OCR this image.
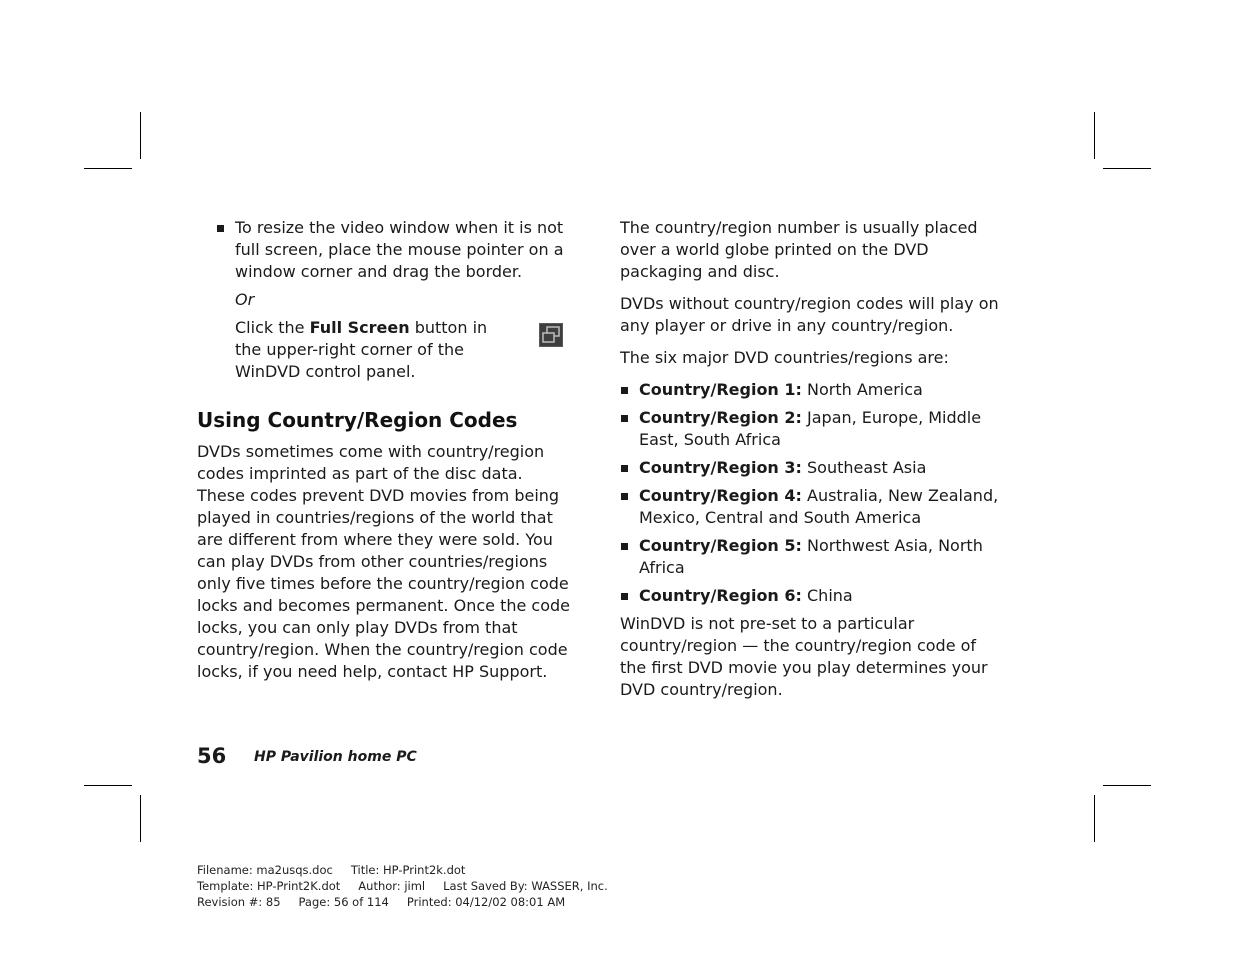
To resize the video window when it is not full screen, place the mouse pointer on a window corner and drag the border.

Or

Click the Full Screen button in the upper-right corner of the WinDVD control panel.
Using Country/Region Codes

DVDs sometimes come with country/region codes imprinted as part of the disc data. These codes prevent DVD movies from being played in countries/regions of the world that are different from where they were sold. You can play DVDs from other countries/regions only five times before the country/region code locks and becomes permanent. Once the code locks, you can only play DVDs from that country/region. When the country/region code locks, if you need help, contact HP Support.

The country/region number is usually placed over a world globe printed on the DVD packaging and disc.

DVDs without country/region codes will play on any player or drive in any country/region.

The six major DVD countries/regions are:

Country/Region 1: North America
Country/Region 2: Japan, Europe, Middle East, South Africa
Country/Region 3: Southeast Asia
Country/Region 4: Australia, New Zealand, Mexico, Central and South America
Country/Region 5: Northwest Asia, North Africa
Country/Region 6: China

WinDVD is not pre-set to a particular country/region — the country/region code of the first DVD movie you play determines your DVD country/region.

56 HP Pavilion home PC
Filename: ma2usqs.doc Title: HP-Print2k.dot
Template: HP-Print2K.dot Author: jiml Last Saved By: WASSER, Inc.
Revision #: 85 Page: 56 of 114 Printed: 04/12/02 08:01 AM
